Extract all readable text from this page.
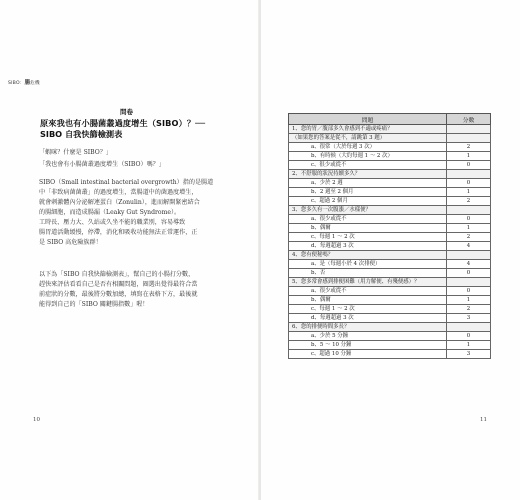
SIBO：腸危機
問卷
原來我也有小腸菌叢過度增生（SIBO）？──
SIBO 自我快篩檢測表
「蝦咪？什麼是 SIBO？」
「我也會有小腸菌叢過度增生（SIBO）嗎？」
SIBO（Small intestinal bacterial overgrowth）指的是腸道
中「非致病菌菌叢」的過度增生，當腸道中的菌過度增生，
就會刺激體內分泌解連蛋白（Zonulin），進而解開緊密結合
的腸細胞，而造成腸漏（Leaky Gut Syndrome）。
工時長、壓力大、久站或久坐不能的職業別，容易導致
腸胃道活動緩慢，停滯，消化和吸收功能無法正常運作，正
是 SIBO 高危險族群！
以下為「SIBO 自我快篩檢測表」，幫自己的小腸打分數，
趕快來評估看看自己是否有相關問題，圈選出覺得最符合當
前症狀的分數，最後將分數加總，填寫在表格下方，最後就
能得到自己的「SIBO 關鍵腸指數」喔！
10	11
問題	分數
1、您的胃／腹部多久會感到不適或疼痛？	
（如果您的答案是從不，請跳第 3 題）	
a、很常（大於每週 3 次）	2
b、有時候（大約每週 1 ～ 2 次）	1
c、很少或從不	0
2、不舒服的狀況持續多久？	
a、少於 2 週	0
b、2 週至 2 個月	1
c、超過 2 個月	2
3、您多久有一次腹漲／水樣便？	
a、很少或從不	0
b、偶爾	1
c、每週 1 ～ 2 次	2
d、每週超過 3 次	4
4、您有便秘嗎？	
a、是（每週小於 4 次排便）	4
b、否	0
5、您多常會感到排便困難（用力解便、有殘便感）？	
a、很少或從不	0
b、偶爾	1
c、每週 1 ～ 2 次	2
d、每週超過 3 次	3
6、您的排便時間多長？	
a、少於 5 分鐘	0
b、5 ～ 10 分鐘	1
c、超過 10 分鐘	3
